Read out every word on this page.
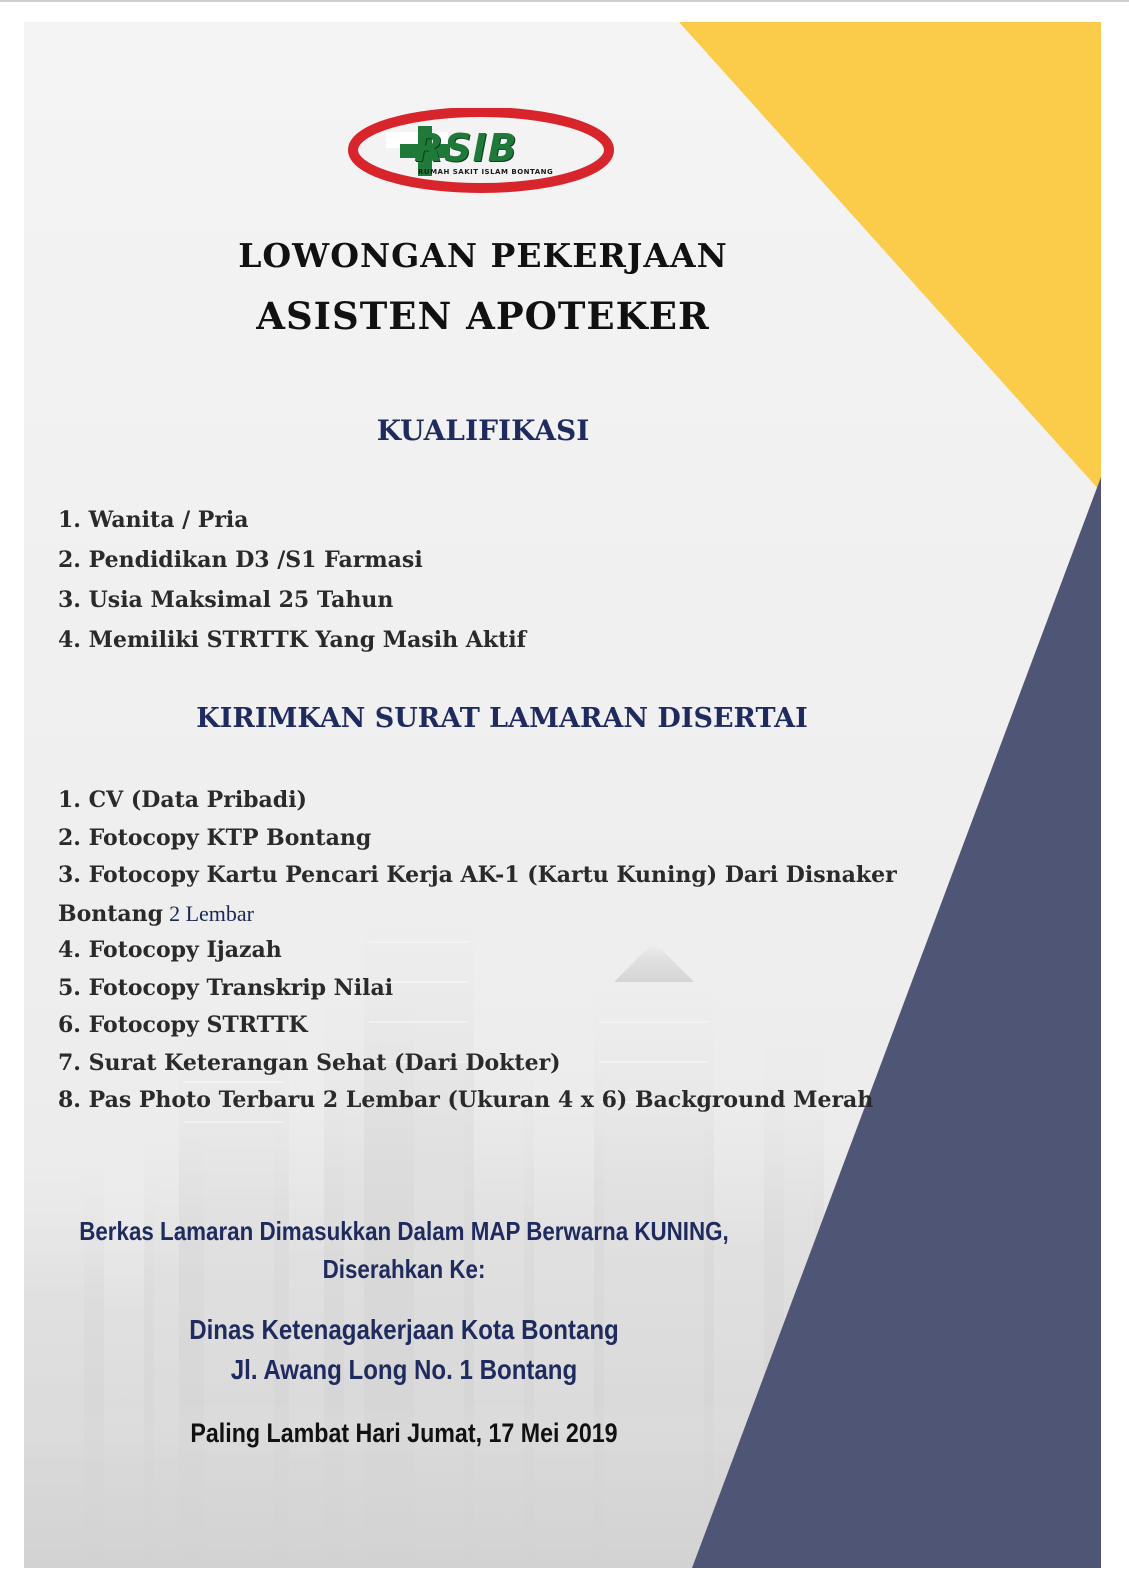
RSIB
RUMAH SAKIT ISLAM BONTANG
LOWONGAN PEKERJAAN
ASISTEN APOTEKER
KUALIFIKASI
1. Wanita / Pria
2. Pendidikan D3 /S1 Farmasi
3. Usia Maksimal 25 Tahun
4. Memiliki STRTTK Yang Masih Aktif
KIRIMKAN SURAT LAMARAN DISERTAI
1. CV (Data Pribadi)
2. Fotocopy KTP Bontang
3. Fotocopy Kartu Pencari Kerja AK-1 (Kartu Kuning) Dari Disnaker
Bontang 2 Lembar
4. Fotocopy Ijazah
5. Fotocopy Transkrip Nilai
6. Fotocopy STRTTK
7. Surat Keterangan Sehat (Dari Dokter)
8. Pas Photo Terbaru 2 Lembar (Ukuran 4 x 6) Background Merah
Berkas Lamaran Dimasukkan Dalam MAP Berwarna KUNING,
Diserahkan Ke:
Dinas Ketenagakerjaan Kota Bontang
Jl. Awang Long No. 1 Bontang
Paling Lambat Hari Jumat, 17 Mei 2019
